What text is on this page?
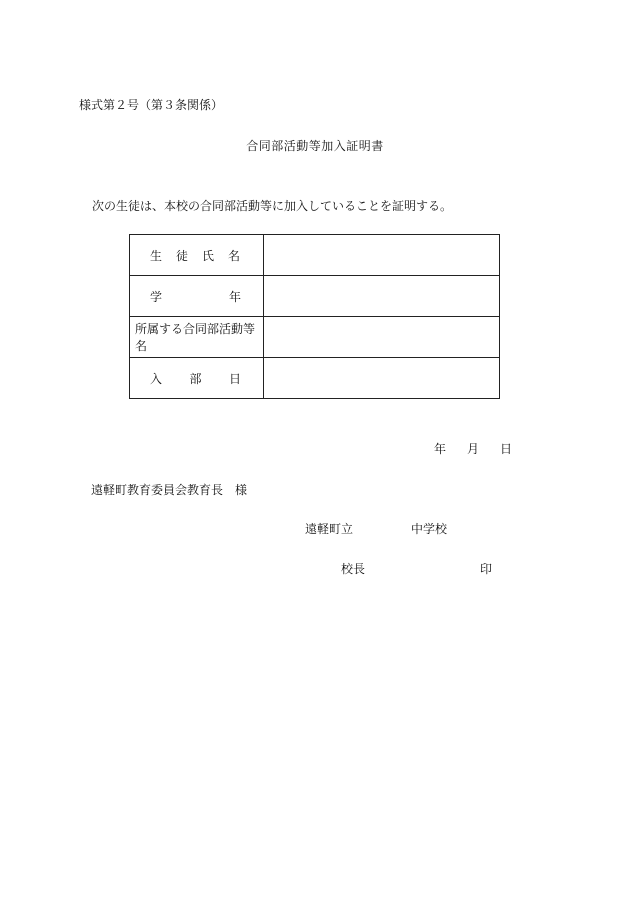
様式第２号（第３条関係）
合同部活動等加入証明書
次の生徒は、本校の合同部活動等に加入していることを証明する。
生 徒 氏 名	

学 年	

所属する合同部活動等名	

入 部 日	

年 月 日
遠軽町教育委員会教育長 様
遠軽町立	中学校
校長	印
